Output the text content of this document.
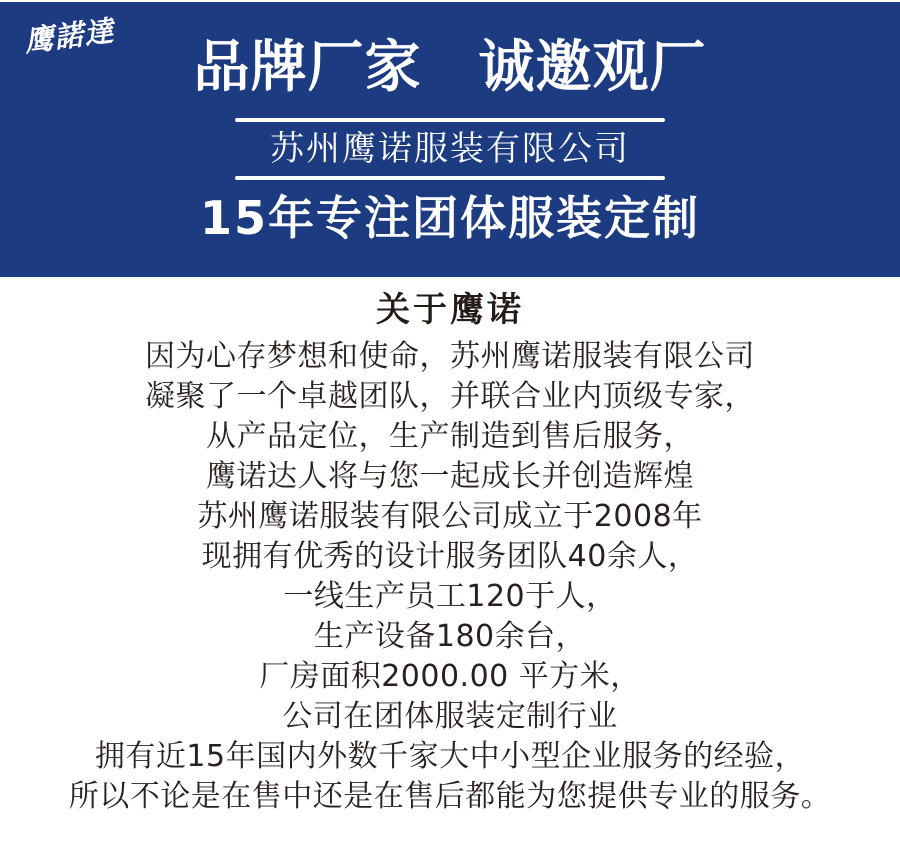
鹰諾達	品牌厂家　诚邀观厂
苏州鹰诺服装有限公司
15年专注团体服装定制
关于鹰诺

因为心存梦想和使命，苏州鹰诺服装有限公司

凝聚了一个卓越团队，并联合业内顶级专家，

从产品定位，生产制造到售后服务，

鹰诺达人将与您一起成长并创造辉煌

苏州鹰诺服装有限公司成立于2008年

现拥有优秀的设计服务团队40余人，

一线生产员工120于人，

生产设备180余台，

厂房面积2000.00 平方米，

公司在团体服装定制行业

拥有近15年国内外数千家大中小型企业服务的经验，

所以不论是在售中还是在售后都能为您提供专业的服务。
